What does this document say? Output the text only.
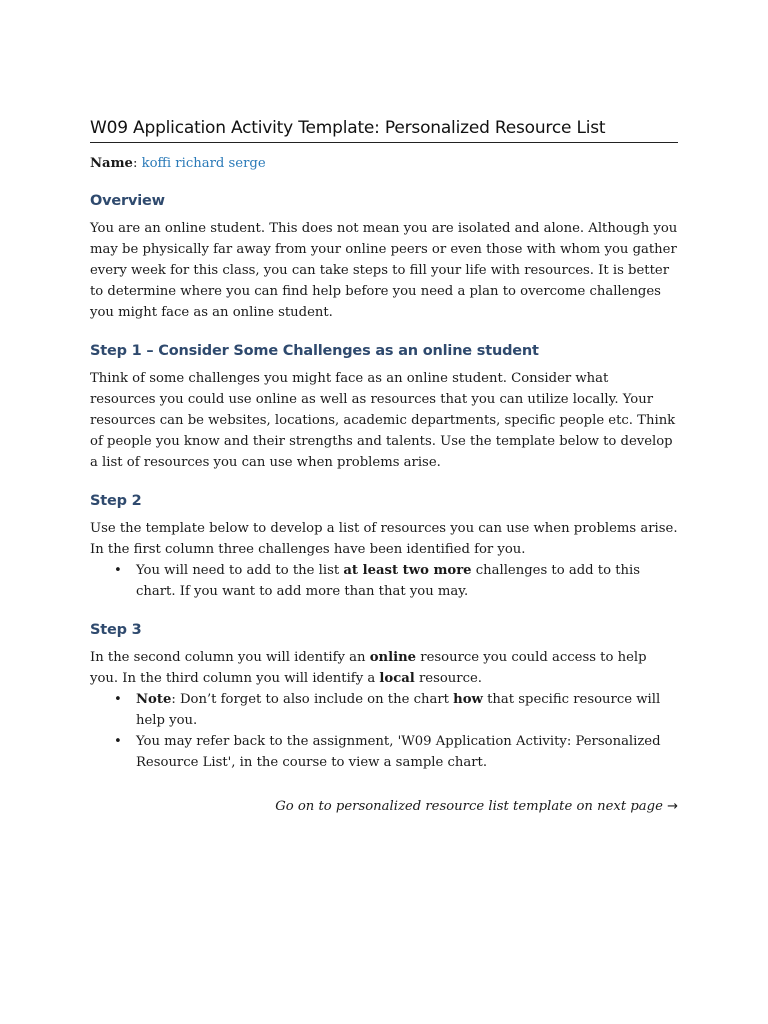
W09 Application Activity Template: Personalized Resource List

Name: koffi richard serge

Overview

You are an online student. This does not mean you are isolated and alone. Although you may be physically far away from your online peers or even those with whom you gather every week for this class, you can take steps to fill your life with resources. It is better to determine where you can find help before you need a plan to overcome challenges you might face as an online student.

Step 1 – Consider Some Challenges as an online student

Think of some challenges you might face as an online student. Consider what resources you could use online as well as resources that you can utilize locally. Your resources can be websites, locations, academic departments, specific people etc. Think of people you know and their strengths and talents. Use the template below to develop a list of resources you can use when problems arise.

Step 2

Use the template below to develop a list of resources you can use when problems arise. In the first column three challenges have been identified for you.

• You will need to add to the list at least two more challenges to add to this chart. If you want to add more than that you may.
Step 3

In the second column you will identify an online resource you could access to help you. In the third column you will identify a local resource.

• Note: Don’t forget to also include on the chart how that specific resource will help you.
• You may refer back to the assignment, 'W09 Application Activity: Personalized Resource List', in the course to view a sample chart.

Go on to personalized resource list template on next page →
